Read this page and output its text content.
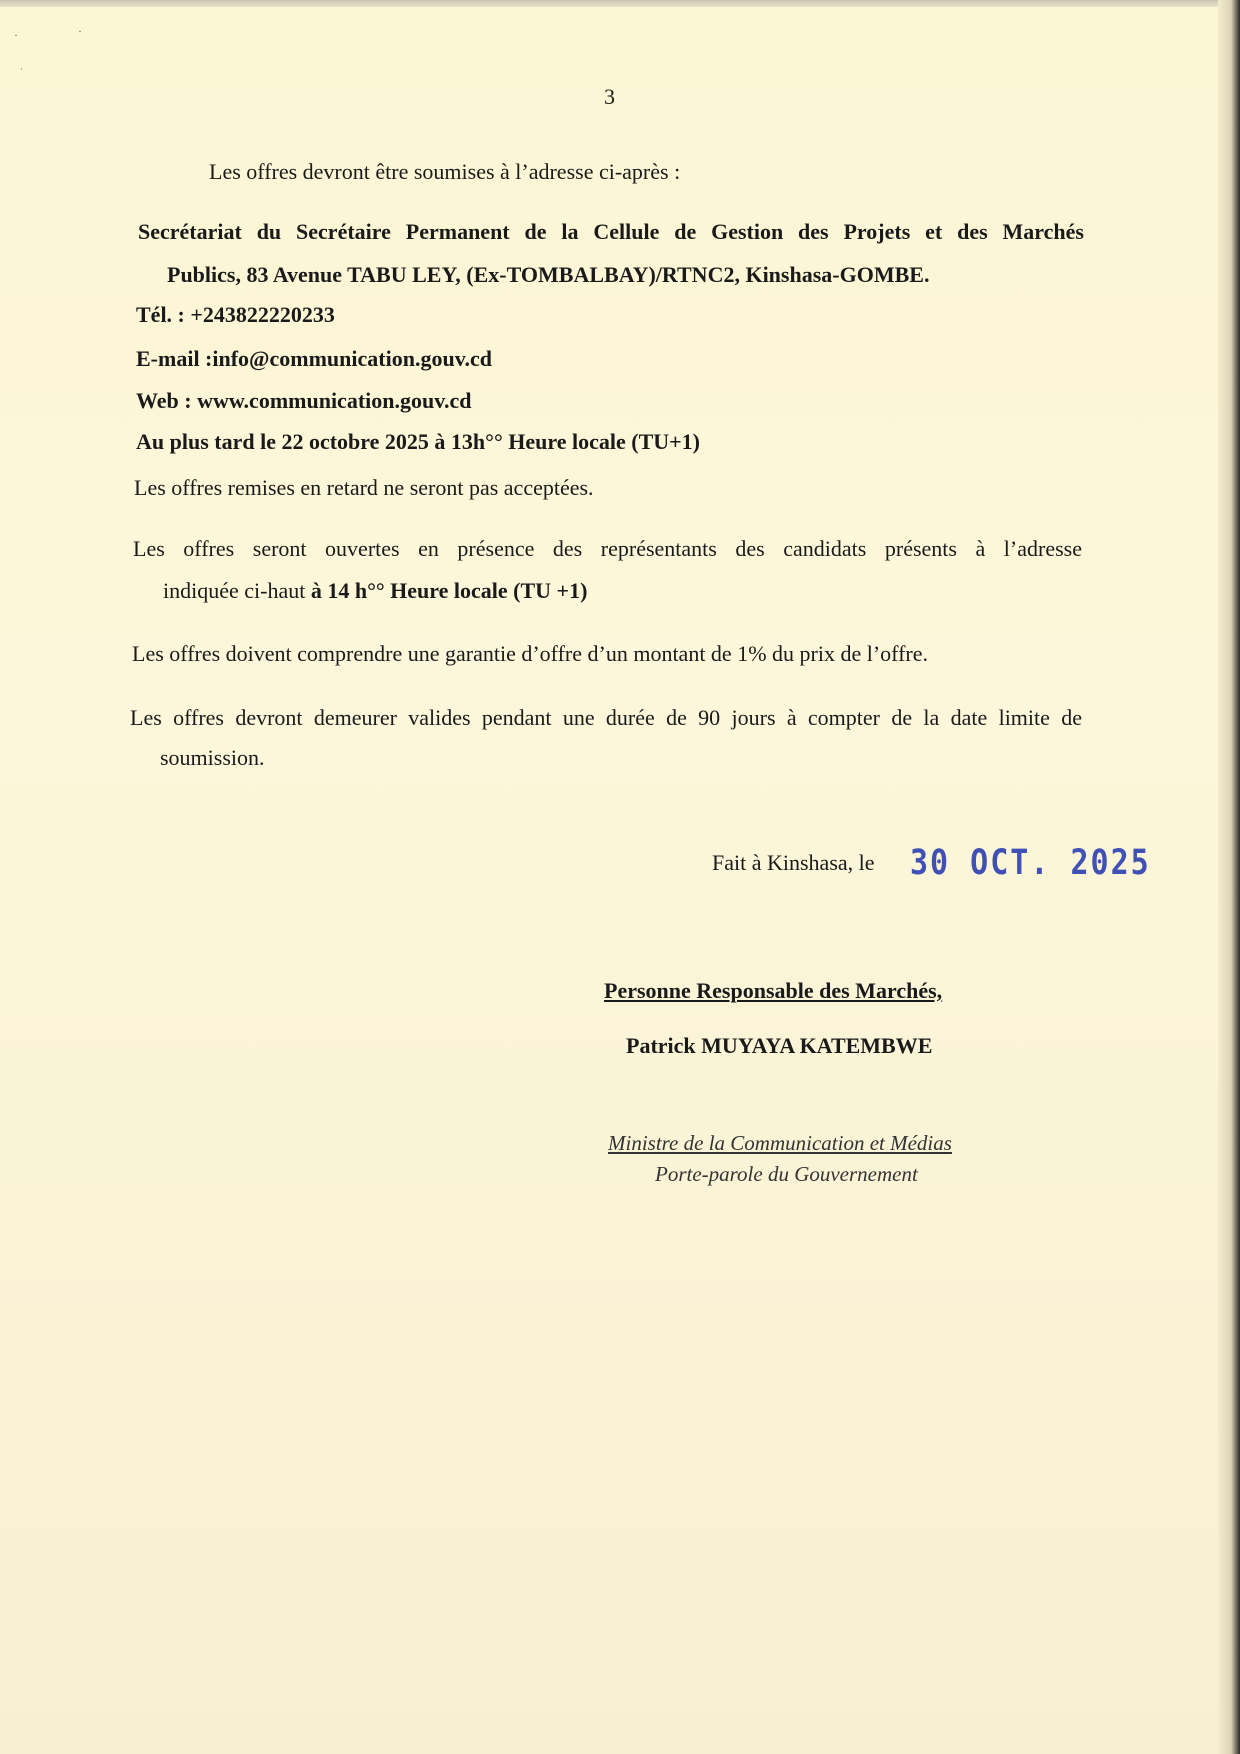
·	·
·
3
Les offres devront être soumises à l’adresse ci-après :
Secrétariat du Secrétaire Permanent de la Cellule de Gestion des Projets et des Marchés
Publics, 83 Avenue TABU LEY, (Ex-TOMBALBAY)/RTNC2, Kinshasa-GOMBE.
Tél. : +243822220233
E-mail :info@communication.gouv.cd
Web : www.communication.gouv.cd
Au plus tard le 22 octobre 2025 à 13h°° Heure locale (TU+1)
Les offres remises en retard ne seront pas acceptées.
Les offres seront ouvertes en présence des représentants des candidats présents à l’adresse
indiquée ci-haut à 14 h°° Heure locale (TU +1)
Les offres doivent comprendre une garantie d’offre d’un montant de 1% du prix de l’offre.
Les offres devront demeurer valides pendant une durée de 90 jours à compter de la date limite de
soumission.
Fait à Kinshasa, le 30 OCT. 2025
Personne Responsable des Marchés,
Patrick MUYAYA KATEMBWE
Ministre de la Communication et Médias
Porte-parole du Gouvernement
